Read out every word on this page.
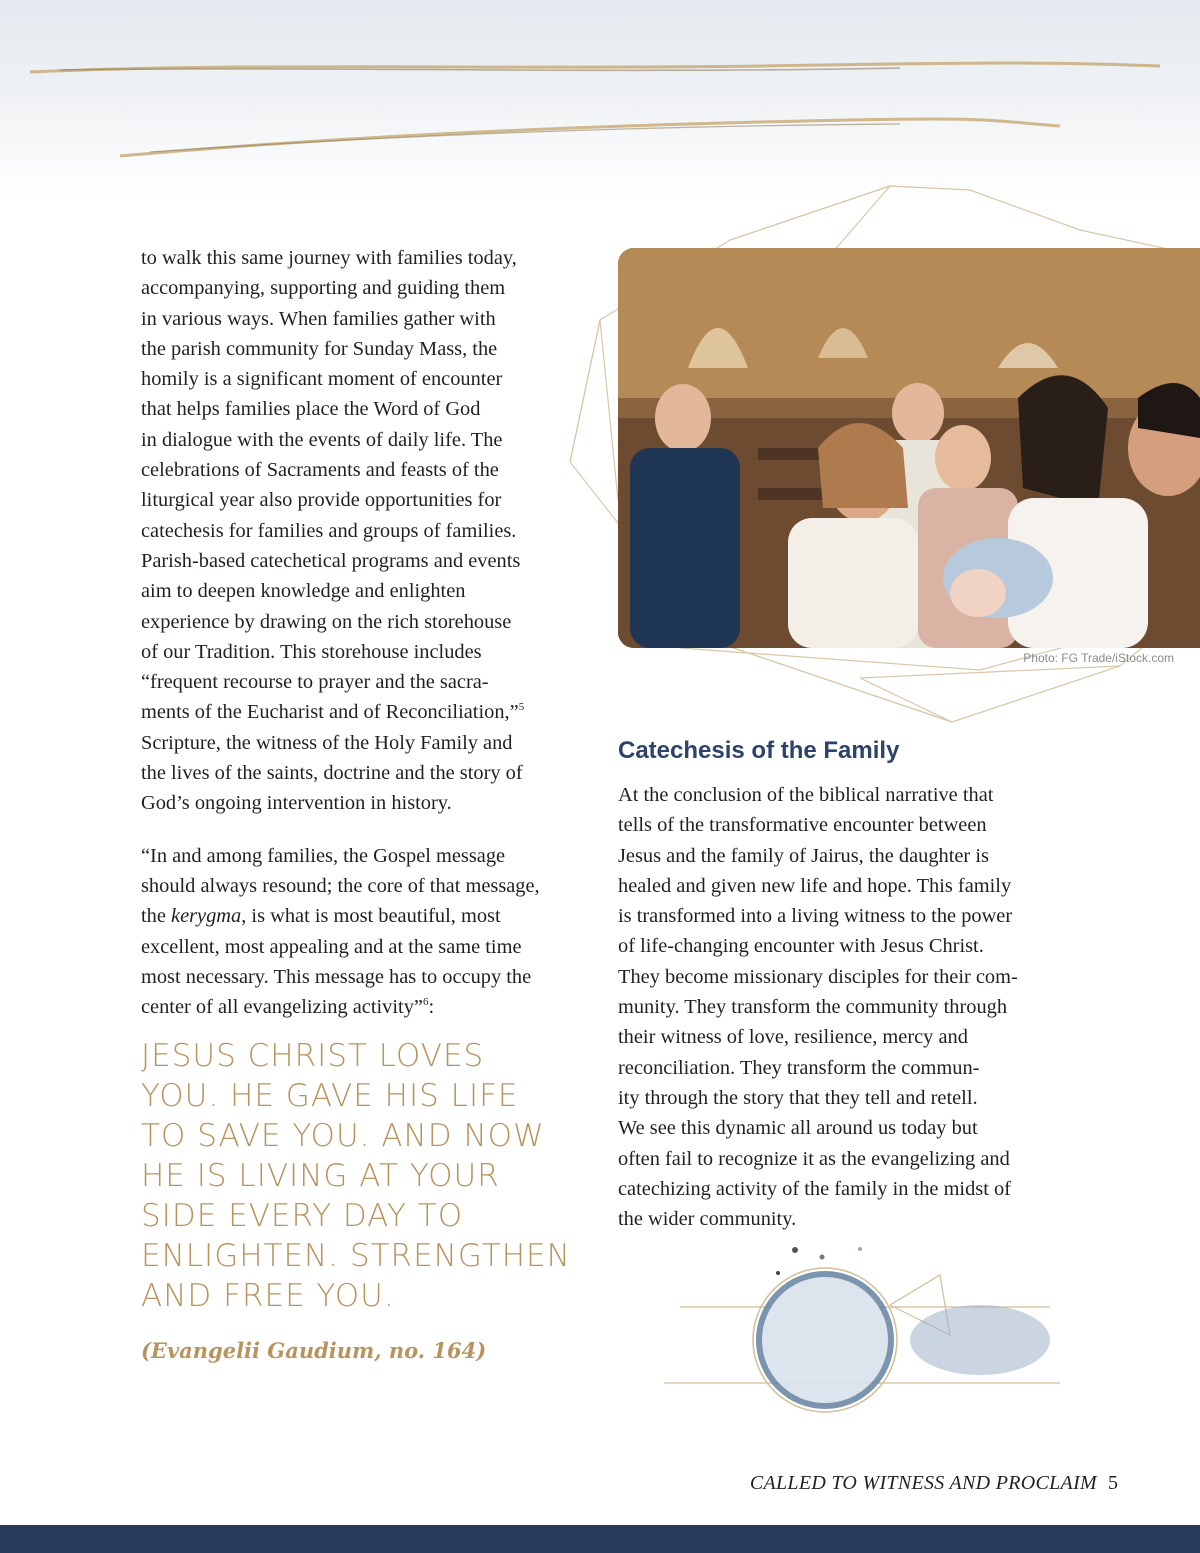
to walk this same journey with families today,
accompanying, supporting and guiding them
in various ways. When families gather with
the parish community for Sunday Mass, the
homily is a significant moment of encounter
that helps families place the Word of God
in dialogue with the events of daily life. The
celebrations of Sacraments and feasts of the
liturgical year also provide opportunities for
catechesis for families and groups of families.
Parish-based catechetical programs and events
aim to deepen knowledge and enlighten
experience by drawing on the rich storehouse
of our Tradition. This storehouse includes
“frequent recourse to prayer and the sacra-
ments of the Eucharist and of Reconciliation,”$^5$
Scripture, the witness of the Holy Family and
the lives of the saints, doctrine and the story of
God’s ongoing intervention in history.

“In and among families, the Gospel message
should always resound; the core of that message,
the kerygma, is what is most beautiful, most
excellent, most appealing and at the same time
most necessary. This message has to occupy the
center of all evangelizing activity”$^6$:

JESUS CHRIST LOVES
YOU. HE GAVE HIS LIFE
TO SAVE YOU. AND NOW
HE IS LIVING AT YOUR
SIDE EVERY DAY TO
ENLIGHTEN. STRENGTHEN
AND FREE YOU.
(Evangelii Gaudium, no. 164)
Photo: FG Trade/iStock.com
Catechesis of the Family

At the conclusion of the biblical narrative that
tells of the transformative encounter between
Jesus and the family of Jairus, the daughter is
healed and given new life and hope. This family
is transformed into a living witness to the power
of life-changing encounter with Jesus Christ.
They become missionary disciples for their com-
munity. They transform the community through
their witness of love, resilience, mercy and
reconciliation. They transform the commun-
ity through the story that they tell and retell.
We see this dynamic all around us today but
often fail to recognize it as the evangelizing and
catechizing activity of the family in the midst of
the wider community.

CALLED TO WITNESS AND PROCLAIM 5
